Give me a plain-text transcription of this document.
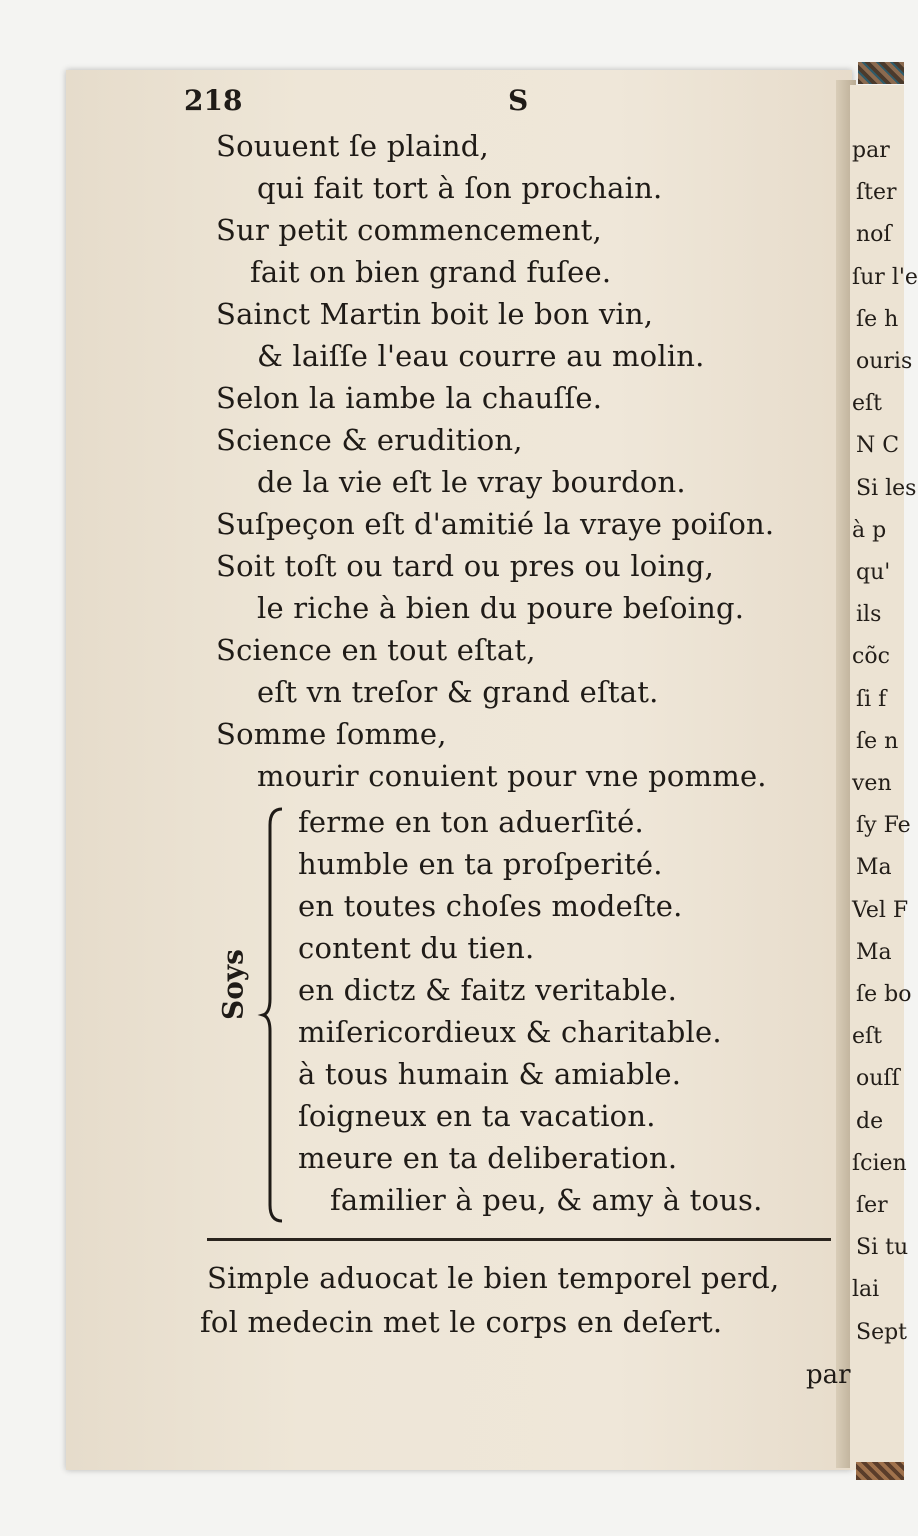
par
ſter
noſ
ſur l'e
ſe h
ouris
eſt
N C
Si les
à p
qu'
ils
cõc
ſi f
ſe n
ven
ſy Fe
Ma
Vel F
Ma
ſe bo
eſt
ouſſ
de
ſcien
ſer
Si tu
lai
Sept
218	S
Souuent ſe plaind,
qui fait tort à ſon prochain.
Sur petit commencement,
fait on bien grand fuſee.
Sainct Martin boit le bon vin,
& laiſſe l'eau courre au molin.
Selon la iambe la chauſſe.
Science & erudition,
de la vie eſt le vray bourdon.
Suſpeçon eſt d'amitié la vraye poiſon.
Soit toſt ou tard ou pres ou loing,
le riche à bien du poure beſoing.
Science en tout eſtat,
eſt vn treſor & grand eſtat.
Somme ſomme,
mourir conuient pour vne pomme.
Soys
ferme en ton aduerſité.
humble en ta proſperité.
en toutes choſes modeſte.
content du tien.
en dictz & faitz veritable.
miſericordieux & charitable.
à tous humain & amiable.
ſoigneux en ta vacation.
meure en ta deliberation.
familier à peu, & amy à tous.
Simple aduocat le bien temporel perd,
fol medecin met le corps en deſert.
par
